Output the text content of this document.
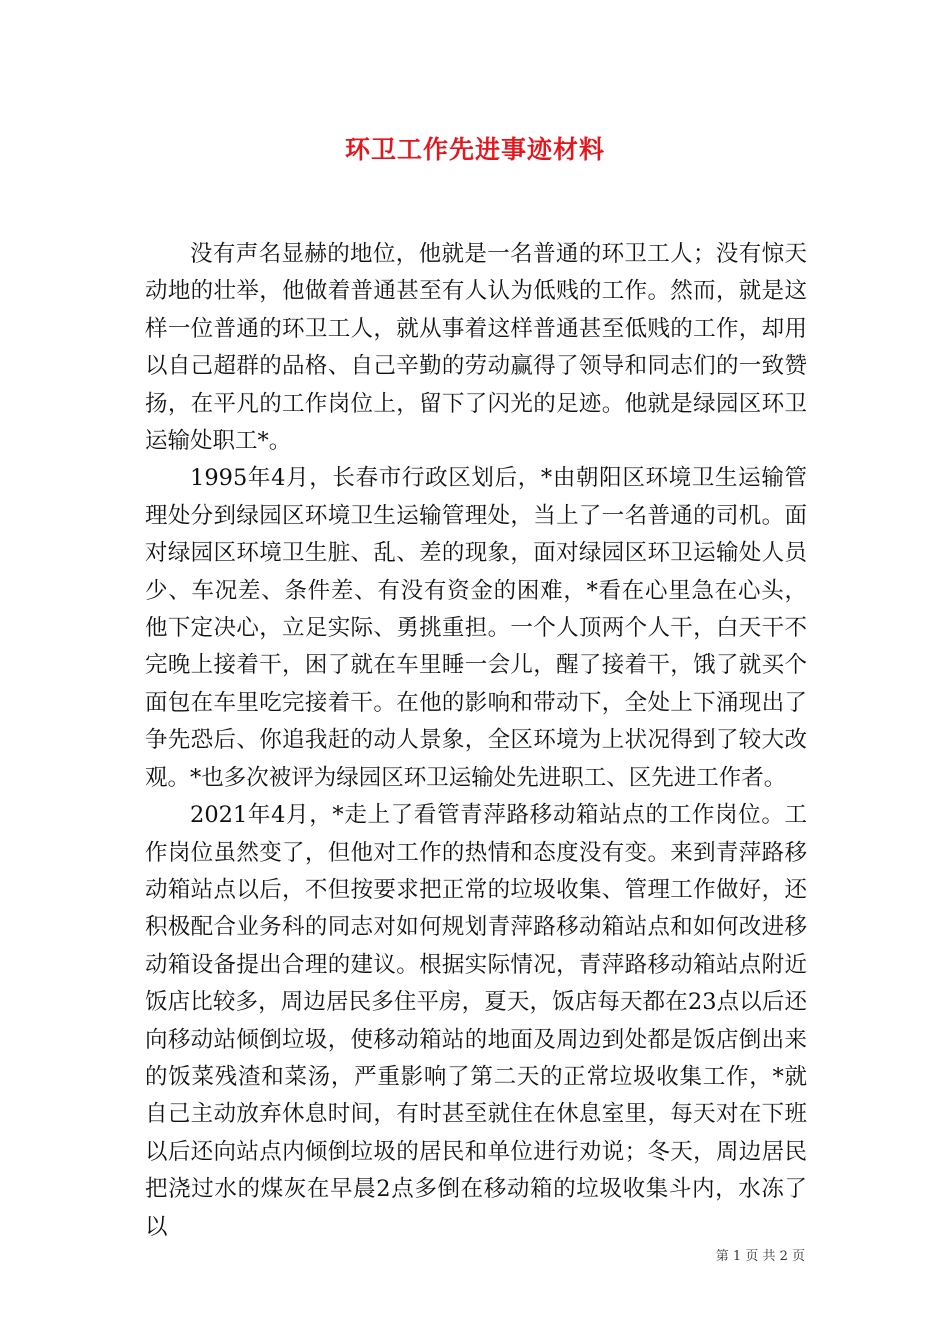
环卫工作先进事迹材料

没有声名显赫的地位，他就是一名普通的环卫工人；没有惊天动地的壮举，他做着普通甚至有人认为低贱的工作。然而，就是这样一位普通的环卫工人，就从事着这样普通甚至低贱的工作，却用以自己超群的品格、自己辛勤的劳动赢得了领导和同志们的一致赞扬，在平凡的工作岗位上，留下了闪光的足迹。他就是绿园区环卫运输处职工*。

1995年4月，长春市行政区划后，*由朝阳区环境卫生运输管理处分到绿园区环境卫生运输管理处，当上了一名普通的司机。面对绿园区环境卫生脏、乱、差的现象，面对绿园区环卫运输处人员少、车况差、条件差、有没有资金的困难，*看在心里急在心头，他下定决心，立足实际、勇挑重担。一个人顶两个人干，白天干不完晚上接着干，困了就在车里睡一会儿，醒了接着干，饿了就买个面包在车里吃完接着干。在他的影响和带动下，全处上下涌现出了争先恐后、你追我赶的动人景象，全区环境为上状况得到了较大改观。*也多次被评为绿园区环卫运输处先进职工、区先进工作者。

2021年4月，*走上了看管青萍路移动箱站点的工作岗位。工作岗位虽然变了，但他对工作的热情和态度没有变。来到青萍路移动箱站点以后，不但按要求把正常的垃圾收集、管理工作做好，还积极配合业务科的同志对如何规划青萍路移动箱站点和如何改进移动箱设备提出合理的建议。根据实际情况，青萍路移动箱站点附近饭店比较多，周边居民多住平房，夏天，饭店每天都在23点以后还向移动站倾倒垃圾，使移动箱站的地面及周边到处都是饭店倒出来的饭菜残渣和菜汤，严重影响了第二天的正常垃圾收集工作，*就自己主动放弃休息时间，有时甚至就住在休息室里，每天对在下班以后还向站点内倾倒垃圾的居民和单位进行劝说；冬天，周边居民把浇过水的煤灰在早晨2点多倒在移动箱的垃圾收集斗内，水冻了以

第 1 页 共 2 页
